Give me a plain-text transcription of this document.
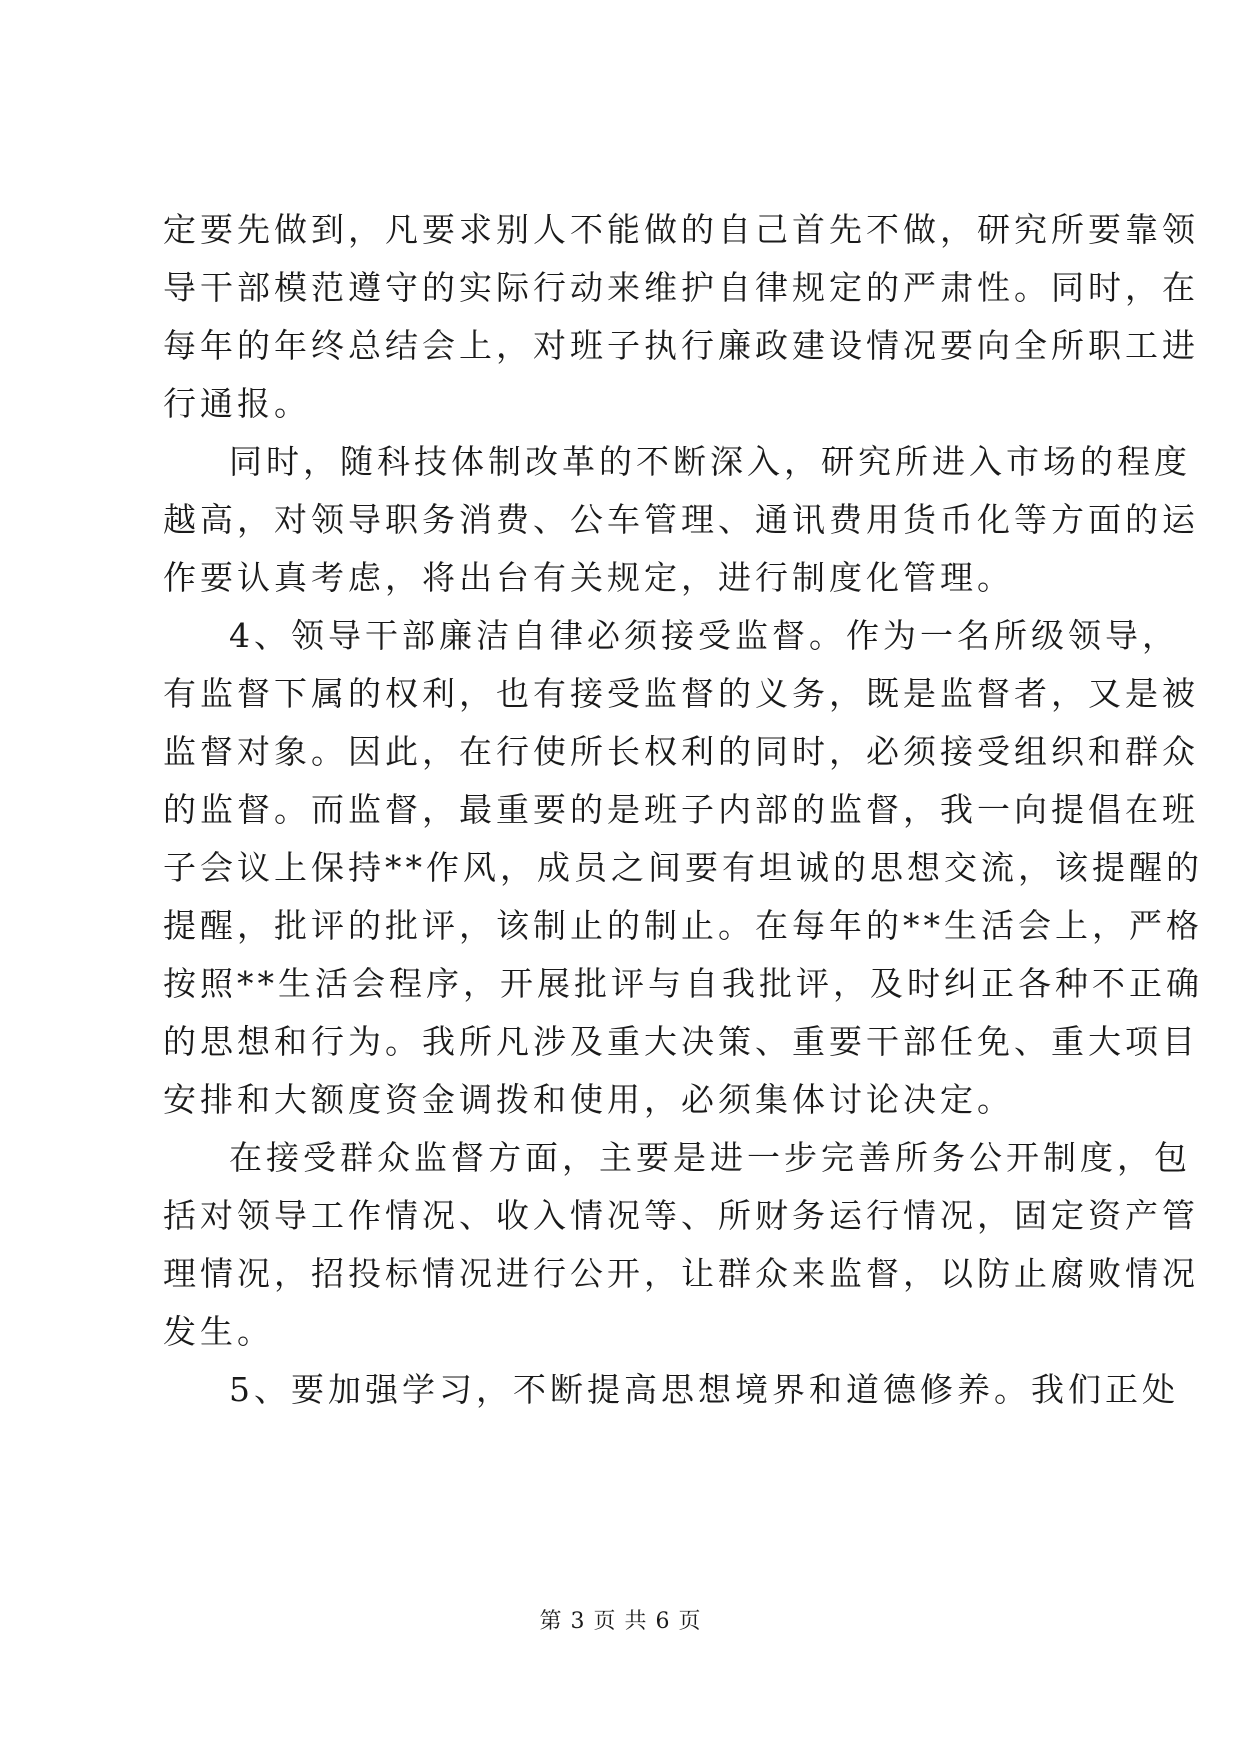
定要先做到，凡要求别人不能做的自己首先不做，研究所要靠领
导干部模范遵守的实际行动来维护自律规定的严肃性。同时，在
每年的年终总结会上，对班子执行廉政建设情况要向全所职工进
行通报。
同时，随科技体制改革的不断深入，研究所进入市场的程度
越高，对领导职务消费、公车管理、通讯费用货币化等方面的运
作要认真考虑，将出台有关规定，进行制度化管理。
4、领导干部廉洁自律必须接受监督。作为一名所级领导，
有监督下属的权利，也有接受监督的义务，既是监督者，又是被
监督对象。因此，在行使所长权利的同时，必须接受组织和群众
的监督。而监督，最重要的是班子内部的监督，我一向提倡在班
子会议上保持**作风，成员之间要有坦诚的思想交流，该提醒的
提醒，批评的批评，该制止的制止。在每年的**生活会上，严格
按照**生活会程序，开展批评与自我批评，及时纠正各种不正确
的思想和行为。我所凡涉及重大决策、重要干部任免、重大项目
安排和大额度资金调拨和使用，必须集体讨论决定。
在接受群众监督方面，主要是进一步完善所务公开制度，包
括对领导工作情况、收入情况等、所财务运行情况，固定资产管
理情况，招投标情况进行公开，让群众来监督，以防止腐败情况
发生。
5、要加强学习，不断提高思想境界和道德修养。我们正处
第 3 页 共 6 页
